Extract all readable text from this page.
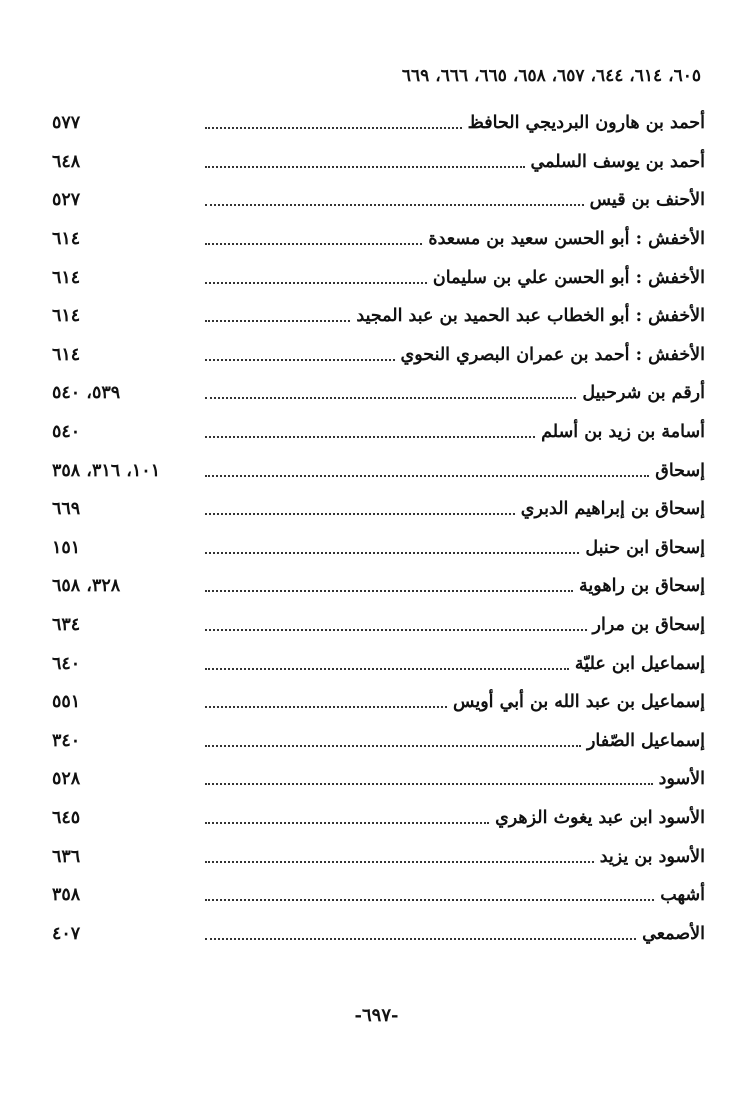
٦٠٥، ٦١٤، ٦٤٤، ٦٥٧، ٦٥٨، ٦٦٥، ٦٦٦، ٦٦٩
أحمد بن هارون البرديجي الحافظ
٥٧٧
أحمد بن يوسف السلمي
٦٤٨
الأحنف بن قيس
٥٢٧
الأخفش : أبو الحسن سعيد بن مسعدة
٦١٤
الأخفش : أبو الحسن علي بن سليمان
٦١٤
الأخفش : أبو الخطاب عبد الحميد بن عبد المجيد
٦١٤
الأخفش : أحمد بن عمران البصري النحوي
٦١٤
أرقم بن شرحبيل
٥٣٩، ٥٤٠
أسامة بن زيد بن أسلم
٥٤٠
إسحاق
١٠١، ٣١٦، ٣٥٨
إسحاق بن إبراهيم الدبري
٦٦٩
إسحاق ابن حنبل
١٥١
إسحاق بن راهوية
٣٢٨، ٦٥٨
إسحاق بن مرار
٦٣٤
إسماعيل ابن عليّة
٦٤٠
إسماعيل بن عبد الله بن أبي أويس
٥٥١
إسماعيل الصّفار
٣٤٠
الأسود
٥٢٨
الأسود ابن عبد يغوث الزهري
٦٤٥
الأسود بن يزيد
٦٣٦
أشهب
٣٥٨
الأصمعي
٤٠٧
-٦٩٧-
